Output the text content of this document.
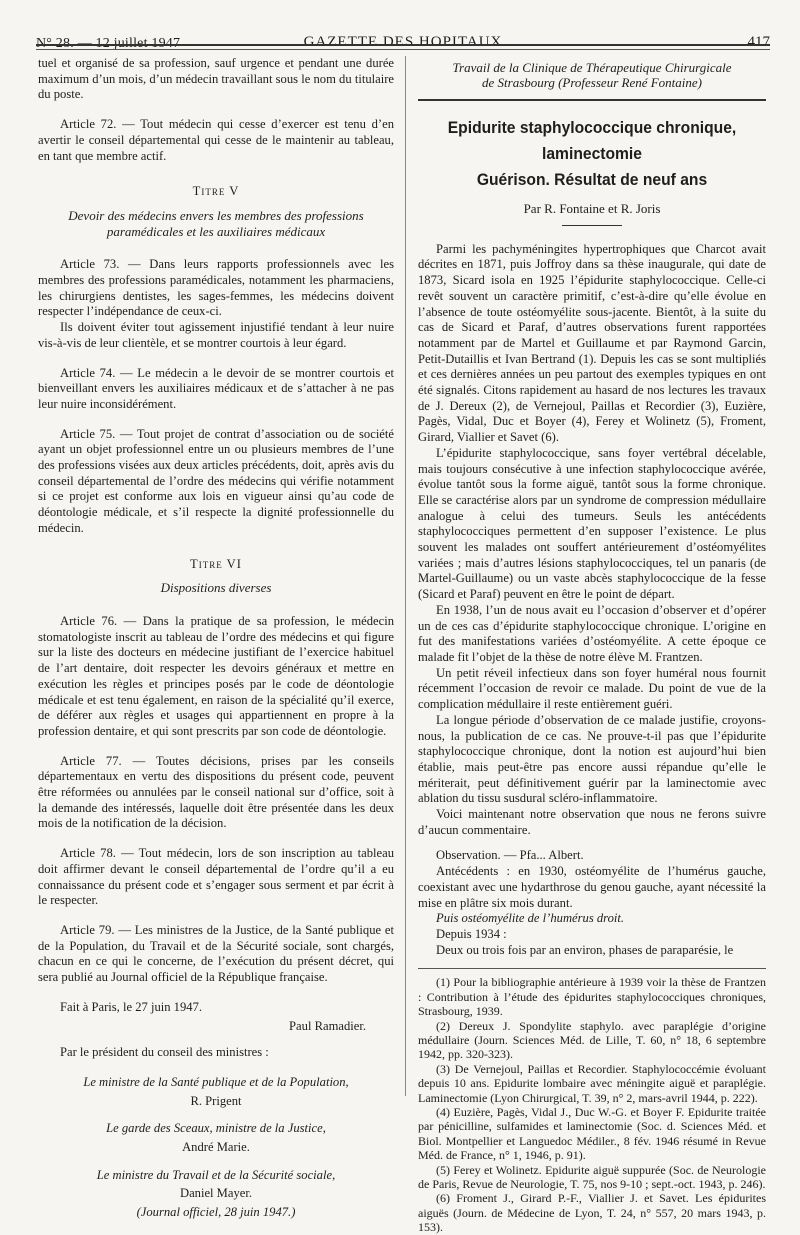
N° 28. — 12 juillet 1947	GAZETTE DES HOPITAUX	417

tuel et organisé de sa profession, sauf urgence et pendant une durée maximum d’un mois, d’un médecin travaillant sous le nom du titulaire du poste.

Article 72. — Tout médecin qui cesse d’exercer est tenu d’en avertir le conseil départemental qui cesse de le maintenir au tableau, en tant que membre actif.

Titre V

Devoir des médecins envers les membres des professions paramédicales et les auxiliaires médicaux

Article 73. — Dans leurs rapports professionnels avec les membres des professions paramédicales, notamment les pharmaciens, les chirurgiens dentistes, les sages-femmes, les médecins doivent respecter l’indépendance de ceux-ci.

Ils doivent éviter tout agissement injustifié tendant à leur nuire vis-à-vis de leur clientèle, et se montrer courtois à leur égard.

Article 74. — Le médecin a le devoir de se montrer courtois et bienveillant envers les auxiliaires médicaux et de s’attacher à ne pas leur nuire inconsidérément.

Article 75. — Tout projet de contrat d’association ou de société ayant un objet professionnel entre un ou plusieurs membres de l’une des professions visées aux deux articles précédents, doit, après avis du conseil départemental de l’ordre des médecins qui vérifie notamment si ce projet est conforme aux lois en vigueur ainsi qu’au code de déontologie médicale, et s’il respecte la dignité professionnelle du médecin.

Titre VI

Dispositions diverses

Article 76. — Dans la pratique de sa profession, le médecin stomatologiste inscrit au tableau de l’ordre des médecins et qui figure sur la liste des docteurs en médecine justifiant de l’exercice habituel de l’art dentaire, doit respecter les devoirs généraux et mettre en exécution les règles et principes posés par le code de déontologie médicale et est tenu également, en raison de la spécialité qu’il exerce, de déférer aux règles et usages qui appartiennent en propre à la profession dentaire, et qui sont prescrits par son code de déontologie.

Article 77. — Toutes décisions, prises par les conseils départementaux en vertu des dispositions du présent code, peuvent être réformées ou annulées par le conseil national sur d’office, soit à la demande des intéressés, laquelle doit être présentée dans les deux mois de la notification de la décision.

Article 78. — Tout médecin, lors de son inscription au tableau doit affirmer devant le conseil départemental de l’ordre qu’il a eu connaissance du présent code et s’engager sous serment et par écrit à le respecter.

Article 79. — Les ministres de la Justice, de la Santé publique et de la Population, du Travail et de la Sécurité sociale, sont chargés, chacun en ce qui le concerne, de l’exécution du présent décret, qui sera publié au Journal officiel de la République française.

Fait à Paris, le 27 juin 1947.

Paul Ramadier.

Par le président du conseil des ministres :

Le ministre de la Santé publique et de la Population,

R. Prigent

Le garde des Sceaux, ministre de la Justice,

André Marie.

Le ministre du Travail et de la Sécurité sociale,

Daniel Mayer.

(Journal officiel, 28 juin 1947.)

Travail de la Clinique de Thérapeutique Chirurgicale

de Strasbourg (Professeur René Fontaine)

Epidurite staphylococcique chronique, laminectomie

Guérison. Résultat de neuf ans

Par R. Fontaine et R. Joris

Parmi les pachyméningites hypertrophiques que Charcot avait décrites en 1871, puis Joffroy dans sa thèse inaugurale, qui date de 1873, Sicard isola en 1925 l’épidurite staphylococcique. Celle-ci revêt souvent un caractère primitif, c’est-à-dire qu’elle évolue en l’absence de toute ostéomyélite sous-jacente. Bientôt, à la suite du cas de Sicard et Paraf, d’autres observations furent rapportées notamment par de Martel et Guillaume et par Raymond Garcin, Petit-Dutaillis et Ivan Bertrand (1). Depuis les cas se sont multipliés et ces dernières années un peu partout des exemples typiques en ont été signalés. Citons rapidement au hasard de nos lectures les travaux de J. Dereux (2), de Vernejoul, Paillas et Recordier (3), Euzière, Pagès, Vidal, Duc et Boyer (4), Ferey et Wolinetz (5), Froment, Girard, Viallier et Savet (6).

L’épidurite staphylococcique, sans foyer vertébral décelable, mais toujours consécutive à une infection staphylococcique avérée, évolue tantôt sous la forme aiguë, tantôt sous la forme chronique. Elle se caractérise alors par un syndrome de compression médullaire analogue à celui des tumeurs. Seuls les antécédents staphylococciques permettent d’en supposer l’existence. Le plus souvent les malades ont souffert antérieurement d’ostéomyélites variées ; mais d’autres lésions staphylococciques, tel un panaris (de Martel-Guillaume) ou un vaste abcès staphylococcique de la fesse (Sicard et Paraf) peuvent en être le point de départ.

En 1938, l’un de nous avait eu l’occasion d’observer et d’opérer un de ces cas d’épidurite staphylococcique chronique. L’origine en fut des manifestations variées d’ostéomyélite. A cette époque ce malade fit l’objet de la thèse de notre élève M. Frantzen.

Un petit réveil infectieux dans son foyer huméral nous fournit récemment l’occasion de revoir ce malade. Du point de vue de la complication médullaire il reste entièrement guéri.

La longue période d’observation de ce malade justifie, croyons-nous, la publication de ce cas. Ne prouve-t-il pas que l’épidurite staphylococcique chronique, dont la notion est aujourd’hui bien établie, mais peut-être pas encore aussi répandue qu’elle le mériterait, peut définitivement guérir par la laminectomie avec ablation du tissu susdural scléro-inflammatoire.

Voici maintenant notre observation que nous ne ferons suivre d’aucun commentaire.

Observation. — Pfa... Albert.

Antécédents : en 1930, ostéomyélite de l’humérus gauche, coexistant avec une hydarthrose du genou gauche, ayant nécessité la mise en plâtre six mois durant.

Puis ostéomyélite de l’humérus droit.

Depuis 1934 :

Deux ou trois fois par an environ, phases de paraparésie, le

(1) Pour la bibliographie antérieure à 1939 voir la thèse de Frantzen : Contribution à l’étude des épidurites staphylococciques chroniques, Strasbourg, 1939.

(2) Dereux J. Spondylite staphylo. avec paraplégie d’origine médullaire (Journ. Sciences Méd. de Lille, T. 60, n° 18, 6 septembre 1942, pp. 320-323).

(3) De Vernejoul, Paillas et Recordier. Staphylococcémie évoluant depuis 10 ans. Epidurite lombaire avec méningite aiguë et paraplégie. Laminectomie (Lyon Chirurgical, T. 39, n° 2, mars-avril 1944, p. 222).

(4) Euzière, Pagès, Vidal J., Duc W.-G. et Boyer F. Epidurite traitée par pénicilline, sulfamides et laminectomie (Soc. d. Sciences Méd. et Biol. Montpellier et Languedoc Médiler., 8 fév. 1946 résumé in Revue Méd. de France, n° 1, 1946, p. 91).

(5) Ferey et Wolinetz. Epidurite aiguë suppurée (Soc. de Neurologie de Paris, Revue de Neurologie, T. 75, nos 9-10 ; sept.-oct. 1943, p. 246).

(6) Froment J., Girard P.-F., Viallier J. et Savet. Les épidurites aiguës (Journ. de Médecine de Lyon, T. 24, n° 557, 20 mars 1943, p. 153).
